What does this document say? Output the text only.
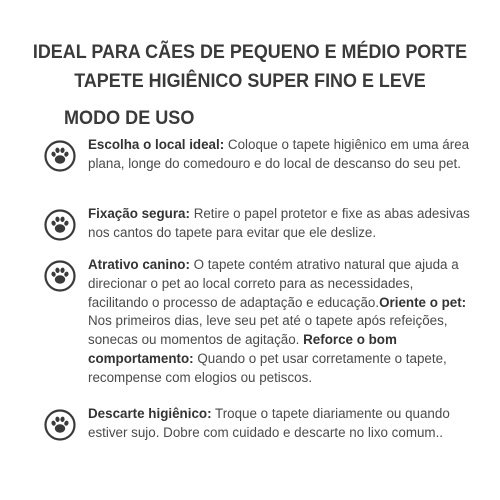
IDEAL PARA CÃES DE PEQUENO E MÉDIO PORTE
TAPETE HIGIÊNICO SUPER FINO E LEVE
MODO DE USO
Escolha o local ideal: Coloque o tapete higiênico em uma área plana, longe do comedouro e do local de descanso do seu pet.
Fixação segura: Retire o papel protetor e fixe as abas adesivas nos cantos do tapete para evitar que ele deslize.
Atrativo canino: O tapete contém atrativo natural que ajuda a direcionar o pet ao local correto para as necessidades, facilitando o processo de adaptação e educação.Oriente o pet: Nos primeiros dias, leve seu pet até o tapete após refeições, sonecas ou momentos de agitação. Reforce o bom comportamento: Quando o pet usar corretamente o tapete, recompense com elogios ou petiscos.
Descarte higiênico: Troque o tapete diariamente ou quando estiver sujo. Dobre com cuidado e descarte no lixo comum..
